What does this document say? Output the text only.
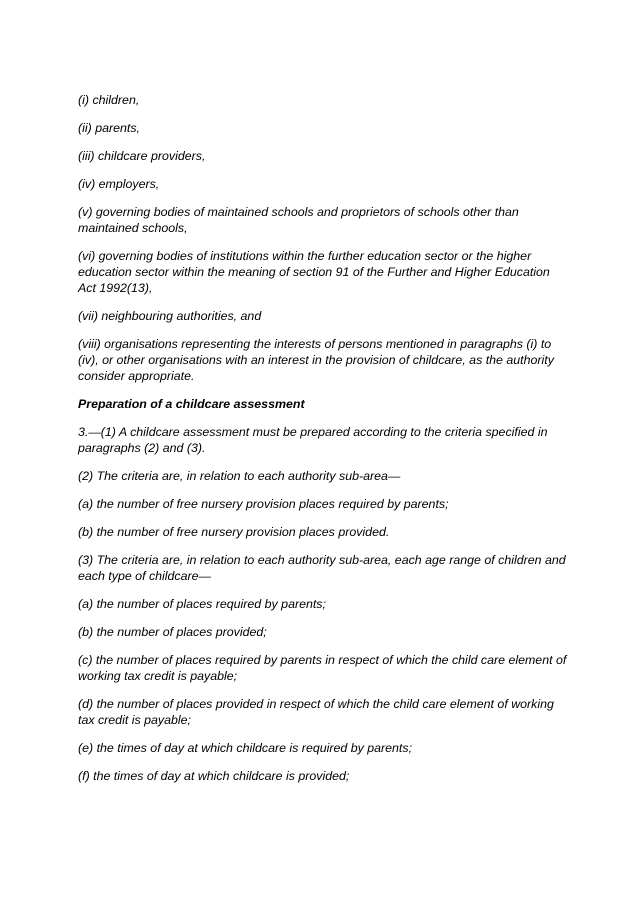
(i) children,

(ii) parents,

(iii) childcare providers,

(iv) employers,

(v) governing bodies of maintained schools and proprietors of schools other than maintained schools,

(vi) governing bodies of institutions within the further education sector or the higher education sector within the meaning of section 91 of the Further and Higher Education Act 1992(13),

(vii) neighbouring authorities, and

(viii) organisations representing the interests of persons mentioned in paragraphs (i) to (iv), or other organisations with an interest in the provision of childcare, as the authority consider appropriate.

Preparation of a childcare assessment

3.—(1) A childcare assessment must be prepared according to the criteria specified in paragraphs (2) and (3).

(2) The criteria are, in relation to each authority sub-area—

(a) the number of free nursery provision places required by parents;

(b) the number of free nursery provision places provided.

(3) The criteria are, in relation to each authority sub-area, each age range of children and each type of childcare—

(a) the number of places required by parents;

(b) the number of places provided;

(c) the number of places required by parents in respect of which the child care element of working tax credit is payable;

(d) the number of places provided in respect of which the child care element of working tax credit is payable;

(e) the times of day at which childcare is required by parents;

(f) the times of day at which childcare is provided;
